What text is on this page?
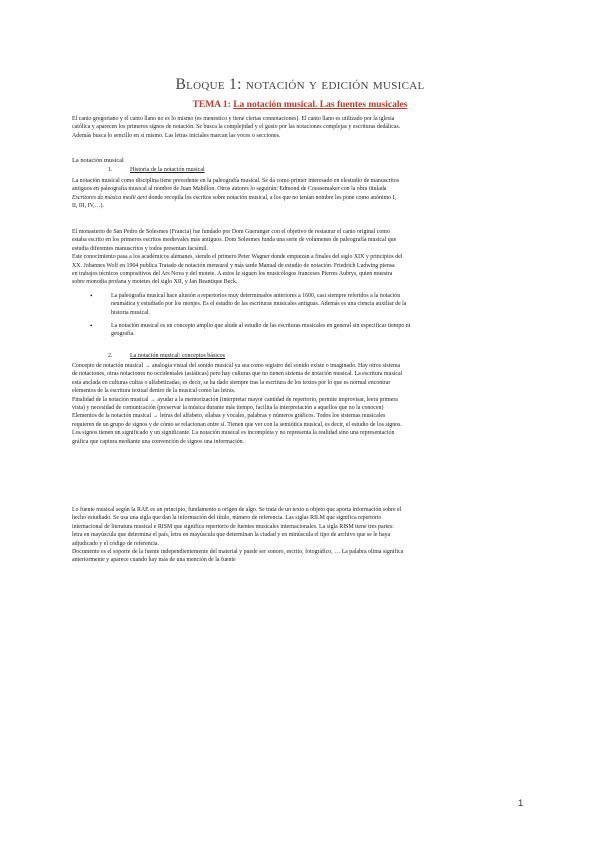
Bloque 1: notación y edición musical
TEMA 1: La notación musical. Las fuentes musicales

El canto gregoriano y el canto llano no es lo mismo (es menestico y tiene ciertas connotaciones). El canto llano es utilizado por la iglesia

católica y aparecen los primeros signos de notación. Se busca la complejidad y el gusto por las notaciones complejas y escrituras dedálicas.

Además busca lo sencillo en sí mismo. Las letras iniciales marcan las voces o secciones.

La notación musical

1.	Historia de la notación musical

La notación musical como disciplina tiene precedente en la paleografía musical. Se da como primer interesado en elestudio de manuscritos

antiguos en paleografía musical al nombre de Juan Mabillon. Otros autores lo seguirán: Edmond de Coussemaker con la obra titulada

Escritores de música medii aevi donde recopila los escritos sobre notación musical, a los que no tenían nombre les pone como anónimo I,

II, III, IV,…).

El monasterio de San Pedro de Solesmes (Francia) fue fundado por Dom Gueranger con el objetivo de restaurar el canto original como

estaba escrito en los primeros escritos medievales más antiguos. Dom Solesmes funda una serie de volúmenes de paleografía musical que

estudia diferentes manuscritos y todos presentan facsímil.

Este conocimiento pasa a los académicos alemanes, siendo el primero Peter Wagner donde empiezan a finales del siglo XIX y principios del

XX. Johannes Wolf en 1904 publica Tratado de notación mensural y más tarde Manual de estudio de notación. Friedrich Ludwing piensa

en trabajos técnicos compositivos del Ars Nova y del motete. A estos le siguen los musicólogos franceses Pierres Aubrys, quien muestra

sobre monodia profana y motetes del siglo XII, y Jan Beantique Beck.

•	La paleografía musical hace alusión a repertorios muy determinados anteriores a 1600, casi siempre referidos a la notación

neumática y estudiado por los monjes. Es el estudio de las escrituras musicales antiguas. Además es una ciencia auxiliar de la

historia musical.

•	La notación musical es un concepto amplio que alude al estudio de las escrituras musicales en general sin especificar tiempo ni

geografía.

2.	La notación musical: conceptos básicos

Concepto de notación musical → analogía visual del sonido musical ya sea como registro del sonido existe o imaginado. Hay otros sistema

de notaciones, otras notaciones no occidentales (asiáticas) pero hay culturas que no tienen sistema de notación musical. La escritura musical

está anclada en culturas cultas o alfabetizadas, es decir, se ha dado siempre tras la escritura de los textos por lo que es normal encontrar

elementos de la escritura textual dentro de la musical como las letras.

Finalidad de la notación musical → ayudar a la memorización (interpretar mayor cantidad de repertorio, permite improvisar, leera primera

vista) y necesidad de comunicación (preservar la música durante más tiempo, facilita la interpretación a aquellos que no la conocen)

Elementos de la notación musical → letras del alfabeto, sílabas y vocales, palabras y números gráficos. Todos los sistemas musicales

requieren de un grupo de signos y de cómo se relacionan entre sí. Tienen que ver con la semiótica musical, es decir, el estudio de los signos.

Los signos tienen un significado y un significante. La notación musical es incompleta y no representa la realidad sino una representación

gráfica que captura mediante una convención de signos una información.

Lo fuente musical según la RAE es un principio, fundamento u origen de algo. Se trata de un texto u objeto que aporta información sobre el

hecho estudiado. Se usa una sigla que dan la información del título, número de referencia. Las siglas RILM que significa repertorio

internacional de literatura musical e RISM que significa repertorio de fuentes musicales internacionales. La sigla RISM tiene tres partes:

letra en mayúscula que determina el país, letra en mayúscula que determinan la ciudad y en minúscula el tipo de archivo que se le haya

adjudicado y el código de referencia.

Documento es el soporte de la fuente independientemente del material y puede ser sonoro, escrito, fotográfico, … La palabra olima significa

anteriormente y aparece cuando hay más de una mención de la fuente

1
